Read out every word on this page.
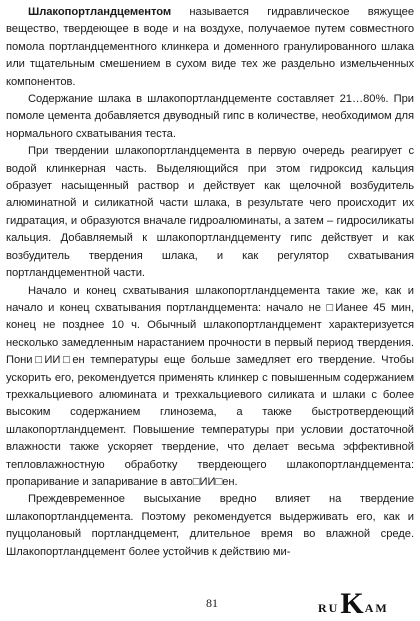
Шлакопортландцементом называется гидравлическое вяжущее вещество, твердеющее в воде и на воздухе, получаемое путем совместного помола портландцементного клинкера и доменного гранулированного шлака или тщательным смешением в сухом виде тех же раздельно измельченных компонентов.

Содержание шлака в шлакопортландцементе составляет 21…80%. При помоле цемента добавляется двуводный гипс в количестве, необходимом для нормального схватывания теста.

При твердении шлакопортландцемента в первую очередь реагирует с водой клинкерная часть. Выделяющийся при этом гидроксид кальция образует насыщенный раствор и действует как щелочной возбудитель алюминатной и силикатной части шлака, в результате чего происходит их гидратация, и образуются вначале гидроалюминаты, а затем – гидросиликаты кальция. Добавляемый к шлакопортландцементу гипс действует и как возбудитель твердения шлака, и как регулятор схватывания портландцементной части.

Начало и конец схватывания шлакопортландцемента такие же, как и начало и конец схватывания портландцемента: начало не □Ианее 45 мин, конец не позднее 10 ч. Обычный шлакопортландцемент характеризуется несколько замедленным нарастанием прочности в первый период твердения. Пони□ИИ□ен температуры еще больше замедляет его твердение. Чтобы ускорить его, рекомендуется применять клинкер с повышенным содержанием трехкальциевого алюмината и трехкальциевого силиката и шлаки с более высоким содержанием глинозема, а также быстротвердеющий шлакопортландцемент. Повышение температуры при условии достаточной влажности также ускоряет твердение, что делает весьма эффективной тепловлажностную обработку твердеющего шлакопортландцемента: пропаривание и запаривание в авто□ИИ□ен.

Преждевременное высыхание вредно влияет на твердение шлакопортландцемента. Поэтому рекомендуется выдерживать его, как и пуццолановый портландцемент, длительное время во влажной среде. Шлакопортландцемент более устойчив к действию ми-

81	RU K AM
